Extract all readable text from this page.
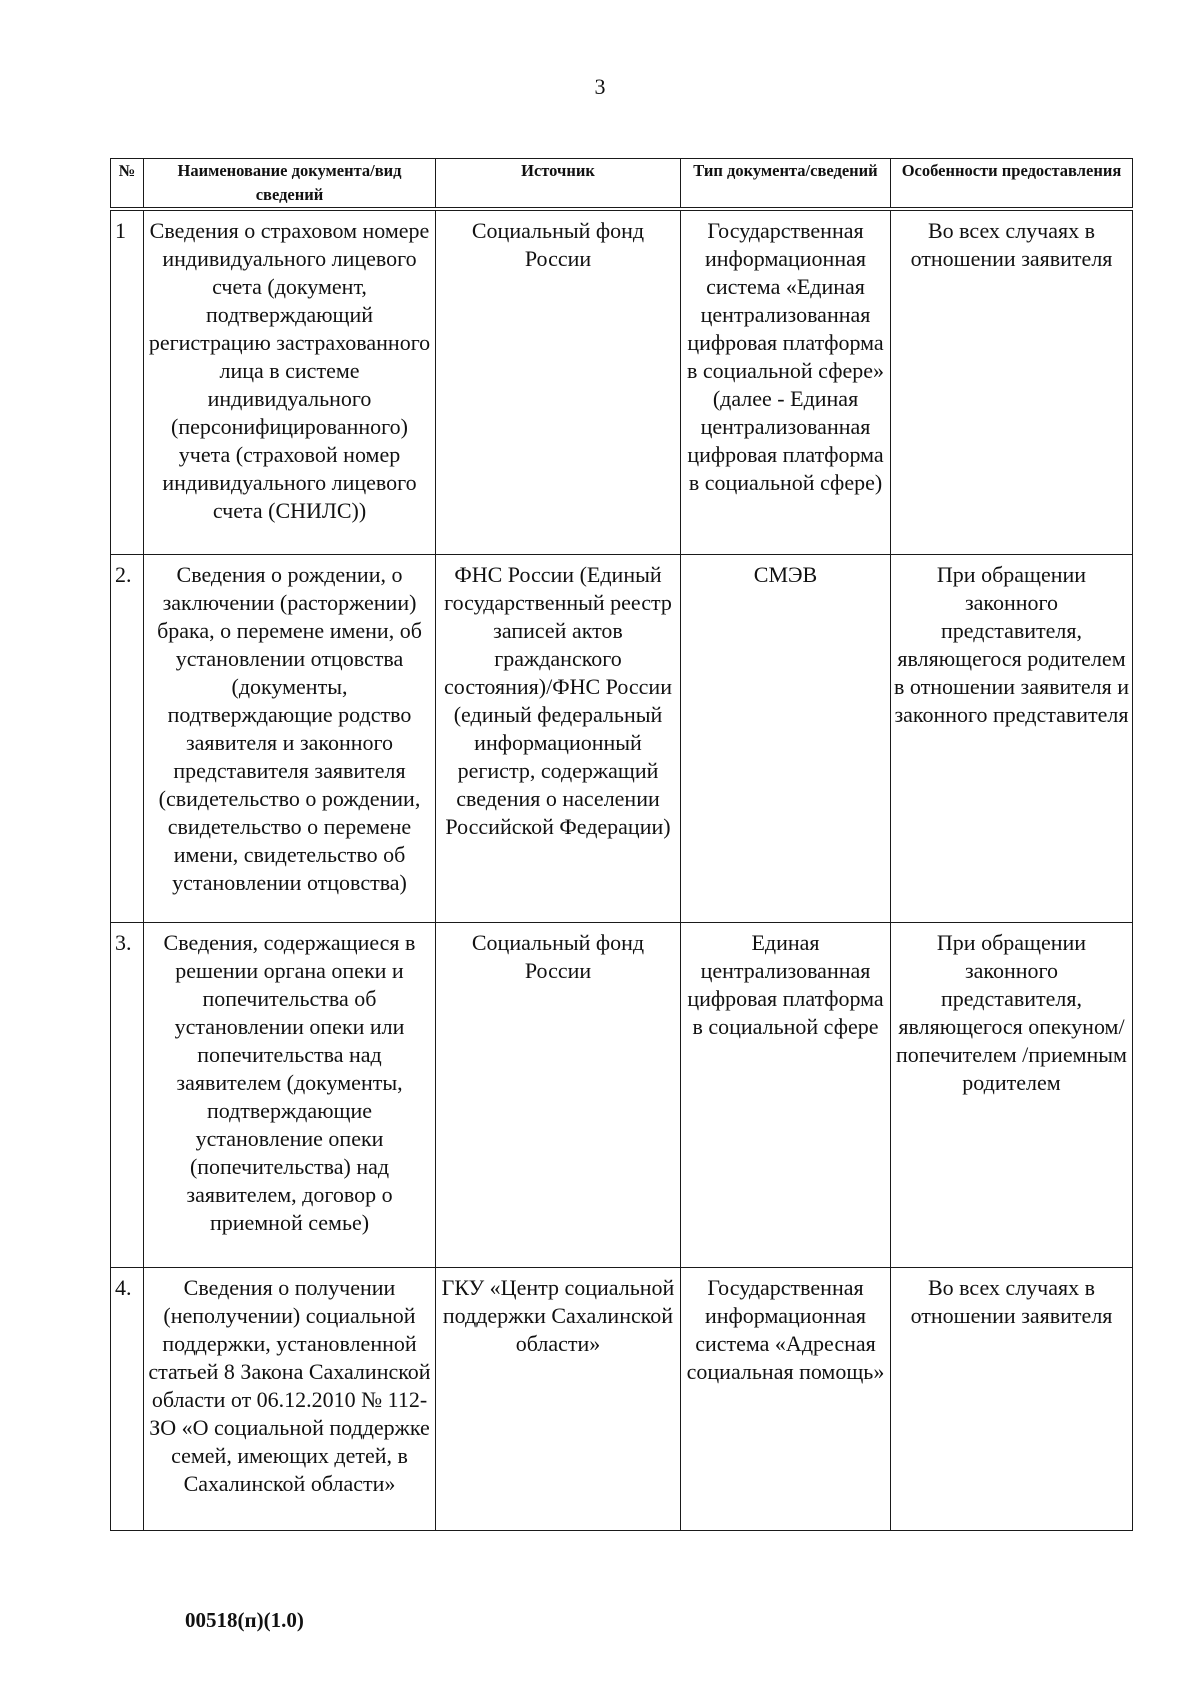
3
№	Наименование документа/вид сведений	Источник	Тип документа/сведений	Особенности предоставления
1	Сведения о страховом номере индивидуального лицевого счета (документ, подтверждающий регистрацию застрахованного лица в системе индивидуального (персонифицированного) учета (страховой номер индивидуального лицевого счета (СНИЛС))	Социальный фонд России	Государственная информационная система «Единая централизованная цифровая платформа в социальной сфере» (далее - Единая централизованная цифровая платформа в социальной сфере)	Во всех случаях в отношении заявителя
2.	Сведения о рождении, о заключении (расторжении) брака, о перемене имени, об установлении отцовства (документы, подтверждающие родство заявителя и законного представителя заявителя (свидетельство о рождении, свидетельство о перемене имени, свидетельство об установлении отцовства)	ФНС России (Единый государственный реестр записей актов гражданского состояния)/ФНС России (единый федеральный информационный регистр, содержащий сведения о населении Российской Федерации)	СМЭВ	При обращении законного представителя, являющегося родителем в отношении заявителя и законного представителя
3.	Сведения, содержащиеся в решении органа опеки и попечительства об установлении опеки или попечительства над заявителем (документы, подтверждающие установление опеки (попечительства) над заявителем, договор о приемной семье)	Социальный фонд России	Единая централизованная цифровая платформа в социальной сфере	При обращении законного представителя, являющегося опекуном/попечителем /приемным родителем
4.	Сведения о получении (неполучении) социальной поддержки, установленной статьей 8 Закона Сахалинской области от 06.12.2010 № 112-ЗО «О социальной поддержке семей, имеющих детей, в Сахалинской области»	ГКУ «Центр социальной поддержки Сахалинской области»	Государственная информационная система «Адресная социальная помощь»	Во всех случаях в отношении заявителя
00518(п)(1.0)
